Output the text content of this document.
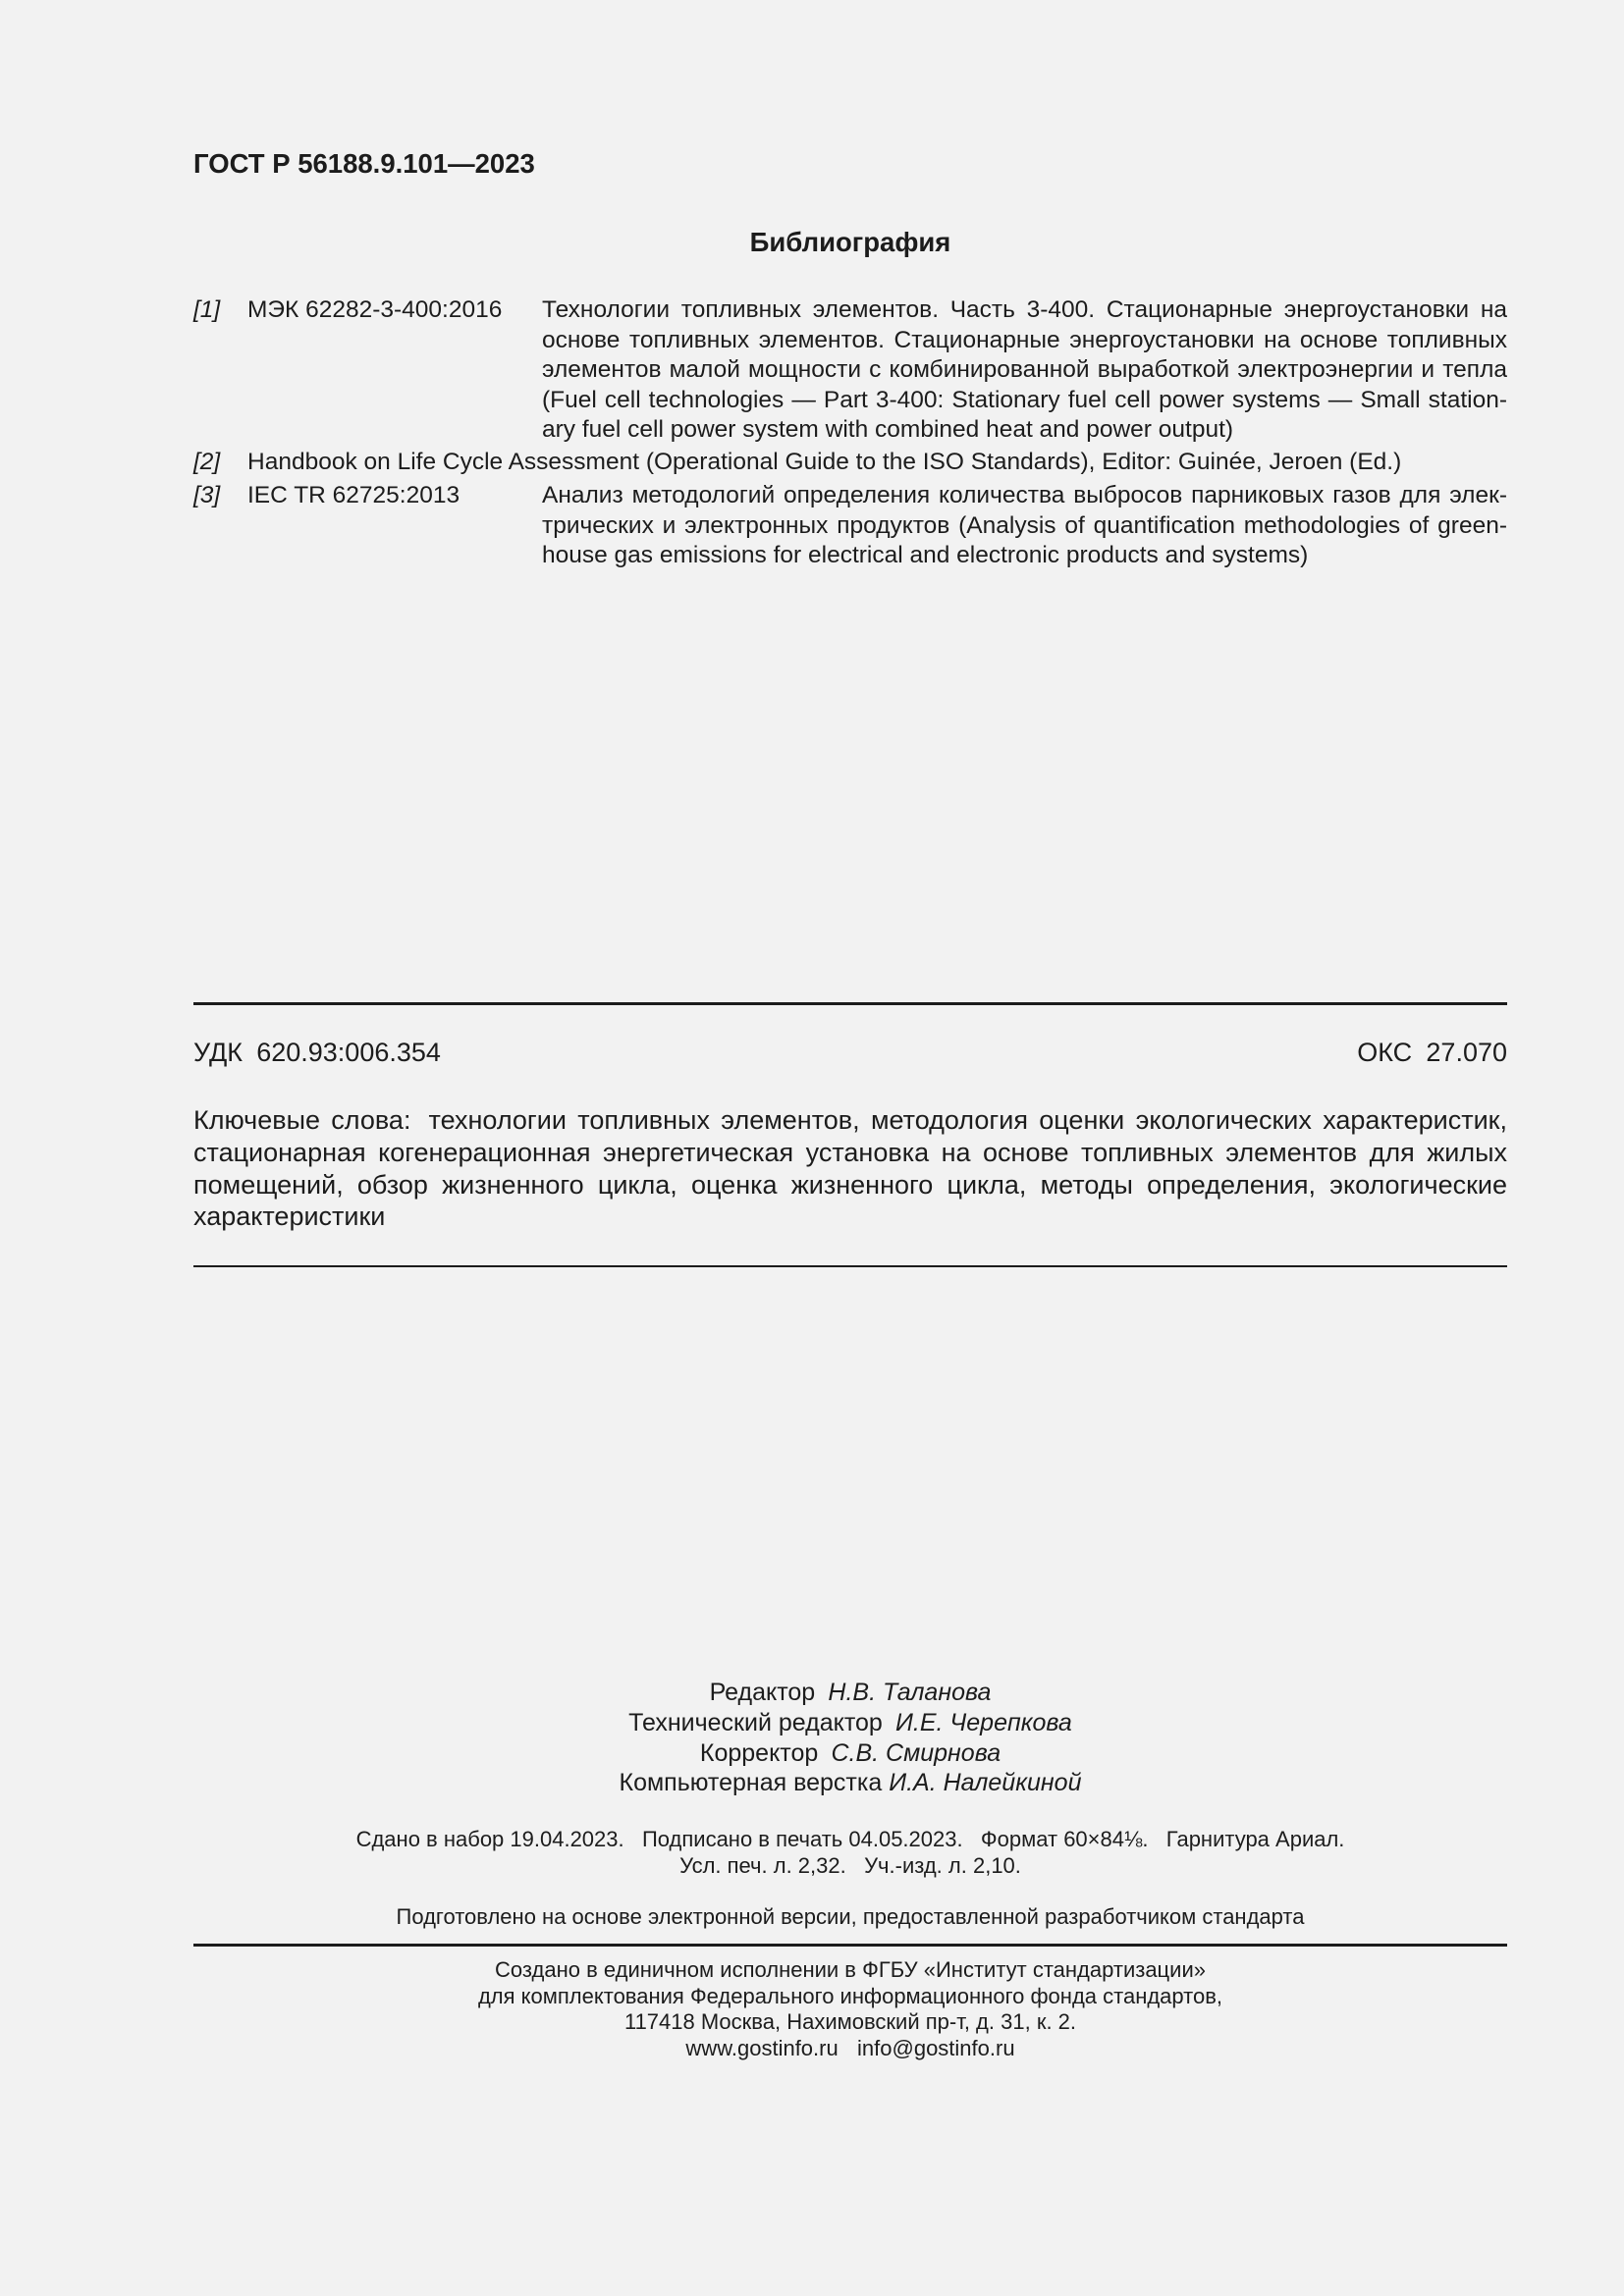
ГОСТ Р 56188.9.101—2023
Библиография
[1] МЭК 62282-3-400:2016 Технологии топливных элементов. Часть 3-400. Стационарные энергоустановки на
основе топливных элементов. Стационарные энергоустановки на основе топливных
элементов малой мощности с комбинированной выработкой электроэнергии и тепла
(Fuel cell technologies — Part 3-400: Stationary fuel cell power systems — Small station-
ary fuel cell power system with combined heat and power output)
[2] Handbook on Life Cycle Assessment (Operational Guide to the ISO Standards), Editor: Guinée, Jeroen (Ed.)
[3] IEC TR 62725:2013	Анализ методологий определения количества выбросов парниковых газов для элек-
трических и электронных продуктов (Analysis of quantification methodologies of green-
house gas emissions for electrical and electronic products and systems)
УДК 620.93:006.354	ОКС 27.070
Ключевые слова: технологии топливных элементов, методология оценки экологических характеристик,
стационарная когенерационная энергетическая установка на основе топливных элементов для жилых
помещений, обзор жизненного цикла, оценка жизненного цикла, методы определения, экологические
характеристики
Редактор Н.В. Таланова
Технический редактор И.Е. Черепкова
Корректор С.В. Смирнова
Компьютерная верстка И.А. Налейкиной
Сдано в набор 19.04.2023.   Подписано в печать 04.05.2023.   Формат 60×84⅛.   Гарнитура Ариал.
Усл. печ. л. 2,32.   Уч.-изд. л. 2,10.
Подготовлено на основе электронной версии, предоставленной разработчиком стандарта
Создано в единичном исполнении в ФГБУ «Институт стандартизации»
для комплектования Федерального информационного фонда стандартов,
117418 Москва, Нахимовский пр-т, д. 31, к. 2.
www.gostinfo.ru info@gostinfo.ru
